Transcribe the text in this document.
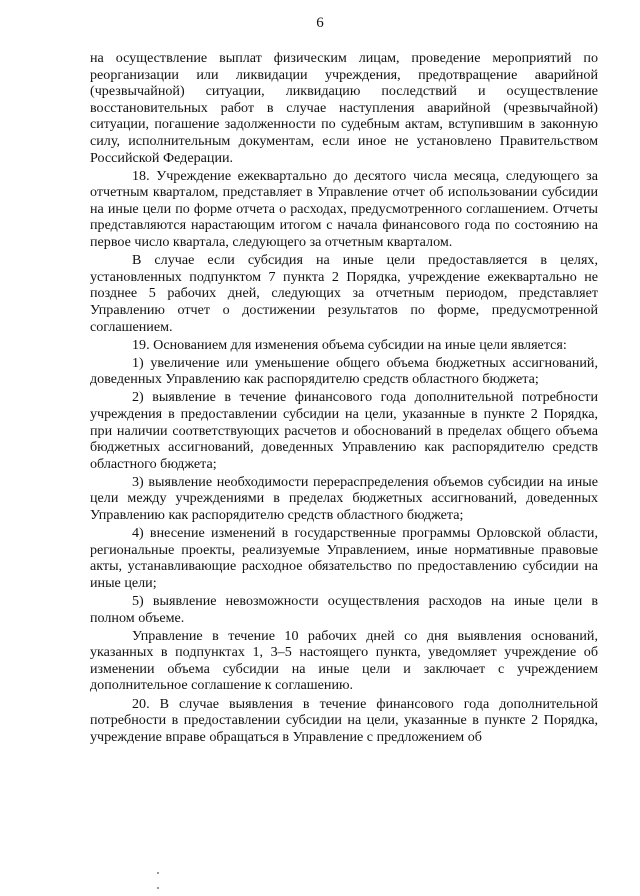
6

на осуществление выплат физическим лицам, проведение мероприятий по реорганизации или ликвидации учреждения, предотвращение аварийной (чрезвычайной) ситуации, ликвидацию последствий и осуществление восстановительных работ в случае наступления аварийной (чрезвычайной) ситуации, погашение задолженности по судебным актам, вступившим в законную силу, исполнительным документам, если иное не установлено Правительством Российской Федерации.

18. Учреждение ежеквартально до десятого числа месяца, следующего за отчетным кварталом, представляет в Управление отчет об использовании субсидии на иные цели по форме отчета о расходах, предусмотренного соглашением. Отчеты представляются нарастающим итогом с начала финансового года по состоянию на первое число квартала, следующего за отчетным кварталом.

В случае если субсидия на иные цели предоставляется в целях, установленных подпунктом 7 пункта 2 Порядка, учреждение ежеквартально не позднее 5 рабочих дней, следующих за отчетным периодом, представляет Управлению отчет о достижении результатов по форме, предусмотренной соглашением.

19. Основанием для изменения объема субсидии на иные цели является:

1) увеличение или уменьшение общего объема бюджетных ассигнований, доведенных Управлению как распорядителю средств областного бюджета;

2) выявление в течение финансового года дополнительной потребности учреждения в предоставлении субсидии на цели, указанные в пункте 2 Порядка, при наличии соответствующих расчетов и обоснований в пределах общего объема бюджетных ассигнований, доведенных Управлению как распорядителю средств областного бюджета;

3) выявление необходимости перераспределения объемов субсидии на иные цели между учреждениями в пределах бюджетных ассигнований, доведенных Управлению как распорядителю средств областного бюджета;

4) внесение изменений в государственные программы Орловской области, региональные проекты, реализуемые Управлением, иные нормативные правовые акты, устанавливающие расходное обязательство по предоставлению субсидии на иные цели;

5) выявление невозможности осуществления расходов на иные цели в полном объеме.

Управление в течение 10 рабочих дней со дня выявления оснований, указанных в подпунктах 1, 3–5 настоящего пункта, уведомляет учреждение об изменении объема субсидии на иные цели и заключает с учреждением дополнительное соглашение к соглашению.

20. В случае выявления в течение финансового года дополнительной потребности в предоставлении субсидии на цели, указанные в пункте 2 Порядка, учреждение вправе обращаться в Управление с предложением об
